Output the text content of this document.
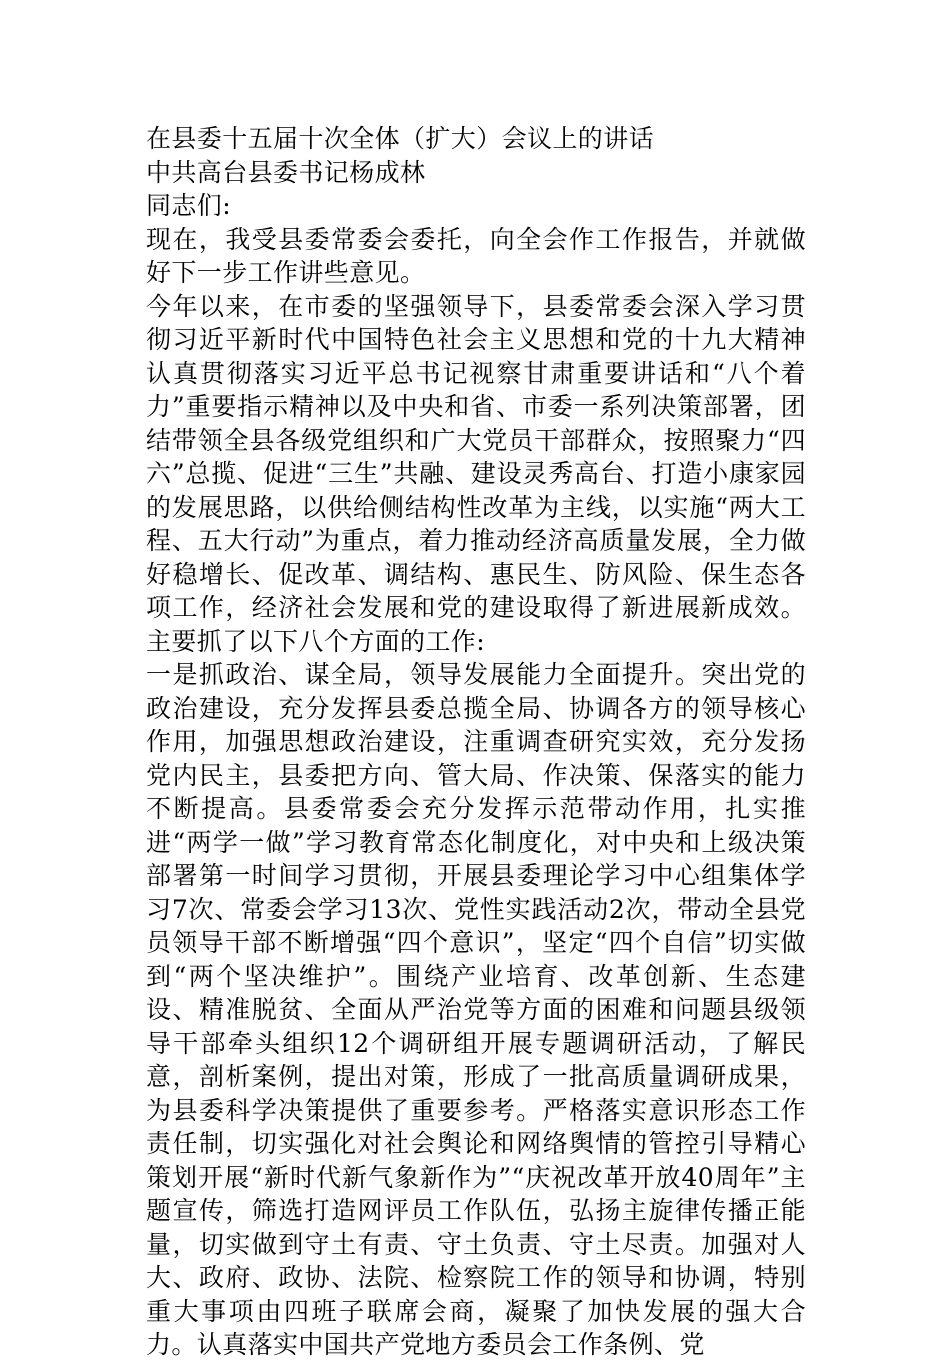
在县委十五届十次全体（扩大）会议上的讲话

中共高台县委书记杨成林

同志们:

现在，我受县委常委会委托，向全会作工作报告，并就做好下一步工作讲些意见。

今年以来，在市委的坚强领导下，县委常委会深入学习贯彻习近平新时代中国特色社会主义思想和党的十九大精神认真贯彻落实习近平总书记视察甘肃重要讲话和“八个着力”重要指示精神以及中央和省、市委一系列决策部署，团结带领全县各级党组织和广大党员干部群众，按照聚力“四六”总揽、促进“三生”共融、建设灵秀高台、打造小康家园的发展思路，以供给侧结构性改革为主线，以实施“两大工程、五大行动”为重点，着力推动经济高质量发展，全力做好稳增长、促改革、调结构、惠民生、防风险、保生态各项工作，经济社会发展和党的建设取得了新进展新成效。主要抓了以下八个方面的工作:

一是抓政治、谋全局，领导发展能力全面提升。突出党的政治建设，充分发挥县委总揽全局、协调各方的领导核心作用，加强思想政治建设，注重调查研究实效，充分发扬党内民主，县委把方向、管大局、作决策、保落实的能力不断提高。县委常委会充分发挥示范带动作用，扎实推进“两学一做”学习教育常态化制度化，对中央和上级决策部署第一时间学习贯彻，开展县委理论学习中心组集体学习7次、常委会学习13次、党性实践活动2次，带动全县党员领导干部不断增强“四个意识”，坚定“四个自信”切实做到“两个坚决维护”。围绕产业培育、改革创新、生态建设、精准脱贫、全面从严治党等方面的困难和问题县级领导干部牵头组织12个调研组开展专题调研活动，了解民意，剖析案例，提出对策，形成了一批高质量调研成果，为县委科学决策提供了重要参考。严格落实意识形态工作责任制，切实强化对社会舆论和网络舆情的管控引导精心策划开展“新时代新气象新作为”“庆祝改革开放40周年”主题宣传，筛选打造网评员工作队伍，弘扬主旋律传播正能量，切实做到守土有责、守土负责、守土尽责。加强对人大、政府、政协、法院、检察院工作的领导和协调，特别重大事项由四班子联席会商，凝聚了加快发展的强大合力。认真落实中国共产党地方委员会工作条例、党
